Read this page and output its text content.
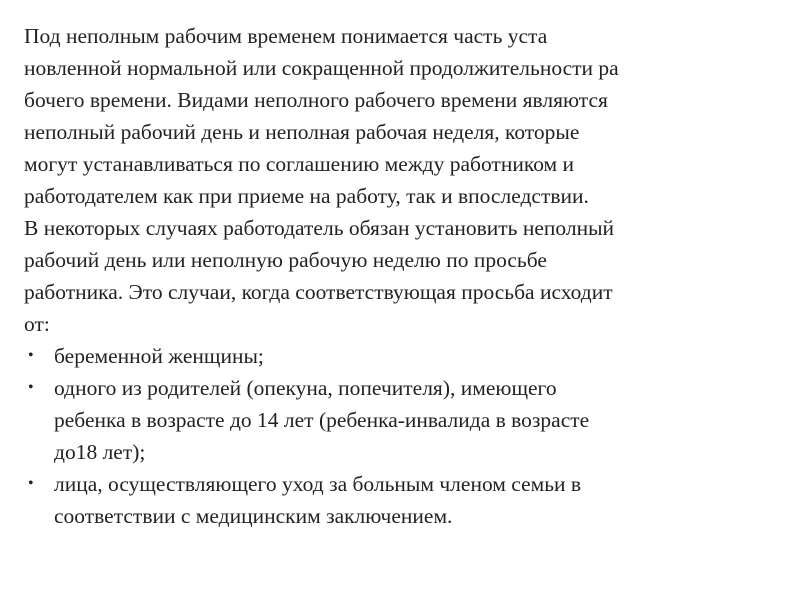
Под неполным рабочим временем понимается часть уста
новленной нормальной или сокращенной продолжительности ра
бочего времени. Видами неполного рабочего времени являются
неполный рабочий день и неполная рабочая неделя, которые
могут устанавливаться по соглашению между работником и
работодателем как при приеме на работу, так и впоследствии.
В некоторых случаях работодатель обязан установить неполный
рабочий день или неполную рабочую неделю по просьбе
работника. Это случаи, когда соответствующая просьба исходит
от:
• беременной женщины;
• одного из родителей (опекуна, попечителя), имеющего
ребенка в возрасте до 14 лет (ребенка-инвалида в возрасте
до18 лет);
• лица, осуществляющего уход за больным членом семьи в
соответствии с медицинским заключением.
